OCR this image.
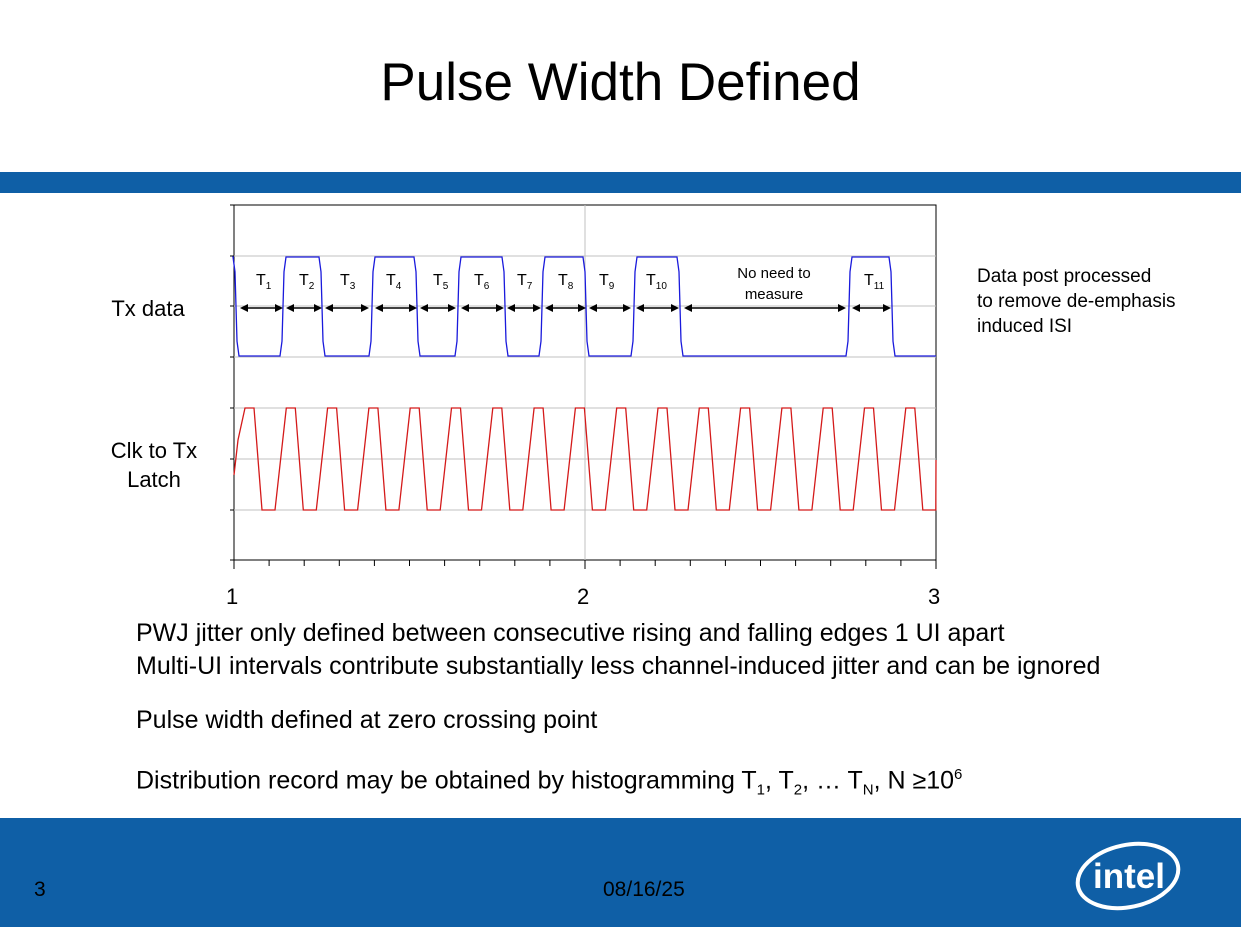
Pulse Width Defined
$T_1$ $T_2$ $T_3$ $T_4$ $T_5$ $T_6$ $T_7$ $T_8$ $T_9$ $T_{10}$	$T_{11}$
1	2	3
No need to
measure
Tx data
Clk to Tx
Latch
Data post processed
to remove de-emphasis
induced ISI

PWJ jitter only defined between consecutive rising and falling edges 1 UI apart

Multi-UI intervals contribute substantially less channel-induced jitter and can be ignored

Pulse width defined at zero crossing point

Distribution record may be obtained by histogramming $T_1$, $T_2$, … $T_N$, $N \ge 10^6$

3	08/16/25	intel
